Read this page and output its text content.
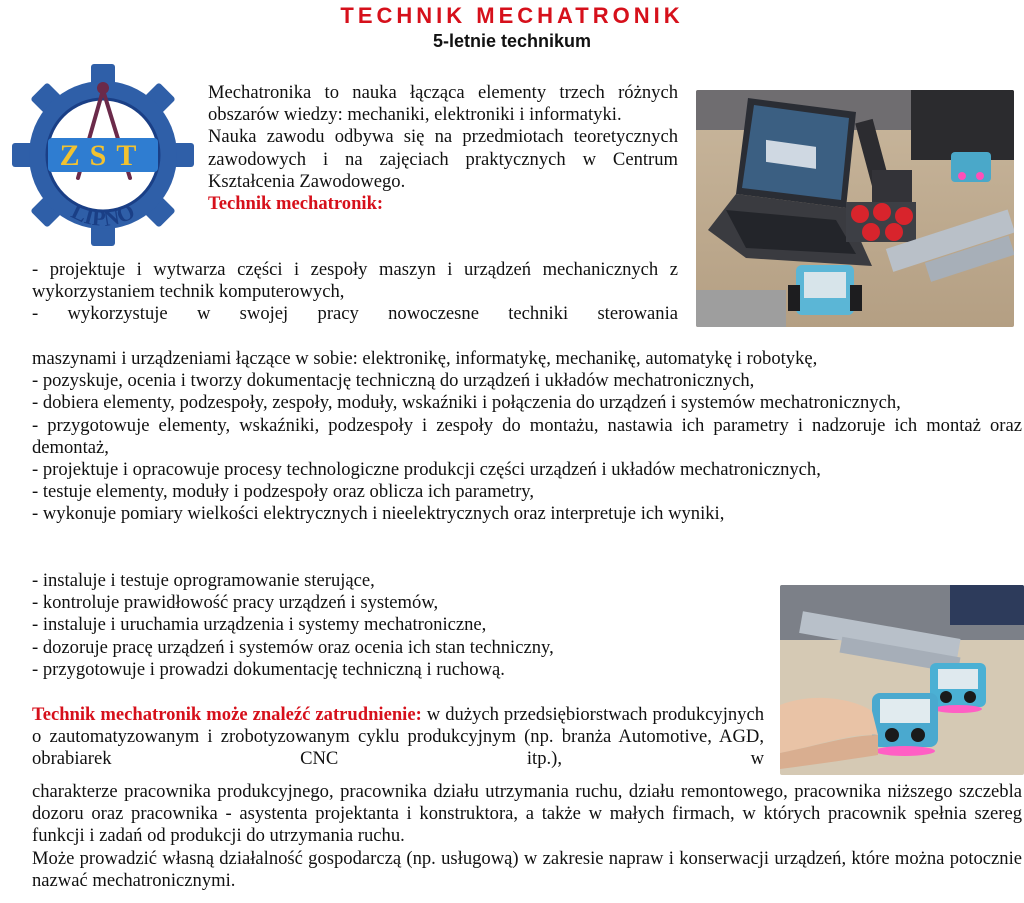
TECHNIK MECHATRONIK
5-letnie technikum
ZST
LIPNO

Mechatronika to nauka łącząca elementy trzech różnych obszarów wiedzy: mechaniki, elektroniki i informatyki.

Nauka zawodu odbywa się na przedmiotach teoretycznych zawodowych i na zajęciach praktycznych w Centrum Kształcenia Zawodowego.

Technik mechatronik:

- projektuje i wytwarza części i zespoły maszyn i urządzeń mechanicznych z wykorzystaniem technik komputerowych,

- wykorzystuje w swojej pracy nowoczesne techniki sterowania

maszynami i urządzeniami łączące w sobie: elektronikę, informatykę, mechanikę, automatykę i robotykę,

- pozyskuje, ocenia i tworzy dokumentację techniczną do urządzeń i układów mechatronicznych,

- dobiera elementy, podzespoły, zespoły, moduły, wskaźniki i połączenia do urządzeń i systemów mechatronicznych,

- przygotowuje elementy, wskaźniki, podzespoły i zespoły do montażu, nastawia ich parametry i nadzoruje ich montaż oraz demontaż,

- projektuje i opracowuje procesy technologiczne produkcji części urządzeń i układów mechatronicznych,

- testuje elementy, moduły i podzespoły oraz oblicza ich parametry,

- wykonuje pomiary wielkości elektrycznych i nieelektrycznych oraz interpretuje ich wyniki,

- instaluje i testuje oprogramowanie sterujące,

- kontroluje prawidłowość pracy urządzeń i systemów,

- instaluje i uruchamia urządzenia i systemy mechatroniczne,

- dozoruje pracę urządzeń i systemów oraz ocenia ich stan techniczny,

- przygotowuje i prowadzi dokumentację techniczną i ruchową.

Technik mechatronik może znaleźć zatrudnienie: w dużych przedsiębiorstwach produkcyjnych o zautomatyzowanym i zrobotyzowanym cyklu produkcyjnym (np. branża Automotive, AGD, obrabiarek CNC itp.), w

charakterze pracownika produkcyjnego, pracownika działu utrzymania ruchu, działu remontowego, pracownika niższego szczebla dozoru oraz pracownika - asystenta projektanta i konstruktora, a także w małych firmach, w których pracownik spełnia szereg funkcji i zadań od produkcji do utrzymania ruchu.

Może prowadzić własną działalność gospodarczą (np. usługową) w zakresie napraw i konserwacji urządzeń, które można potocznie nazwać mechatronicznymi.
